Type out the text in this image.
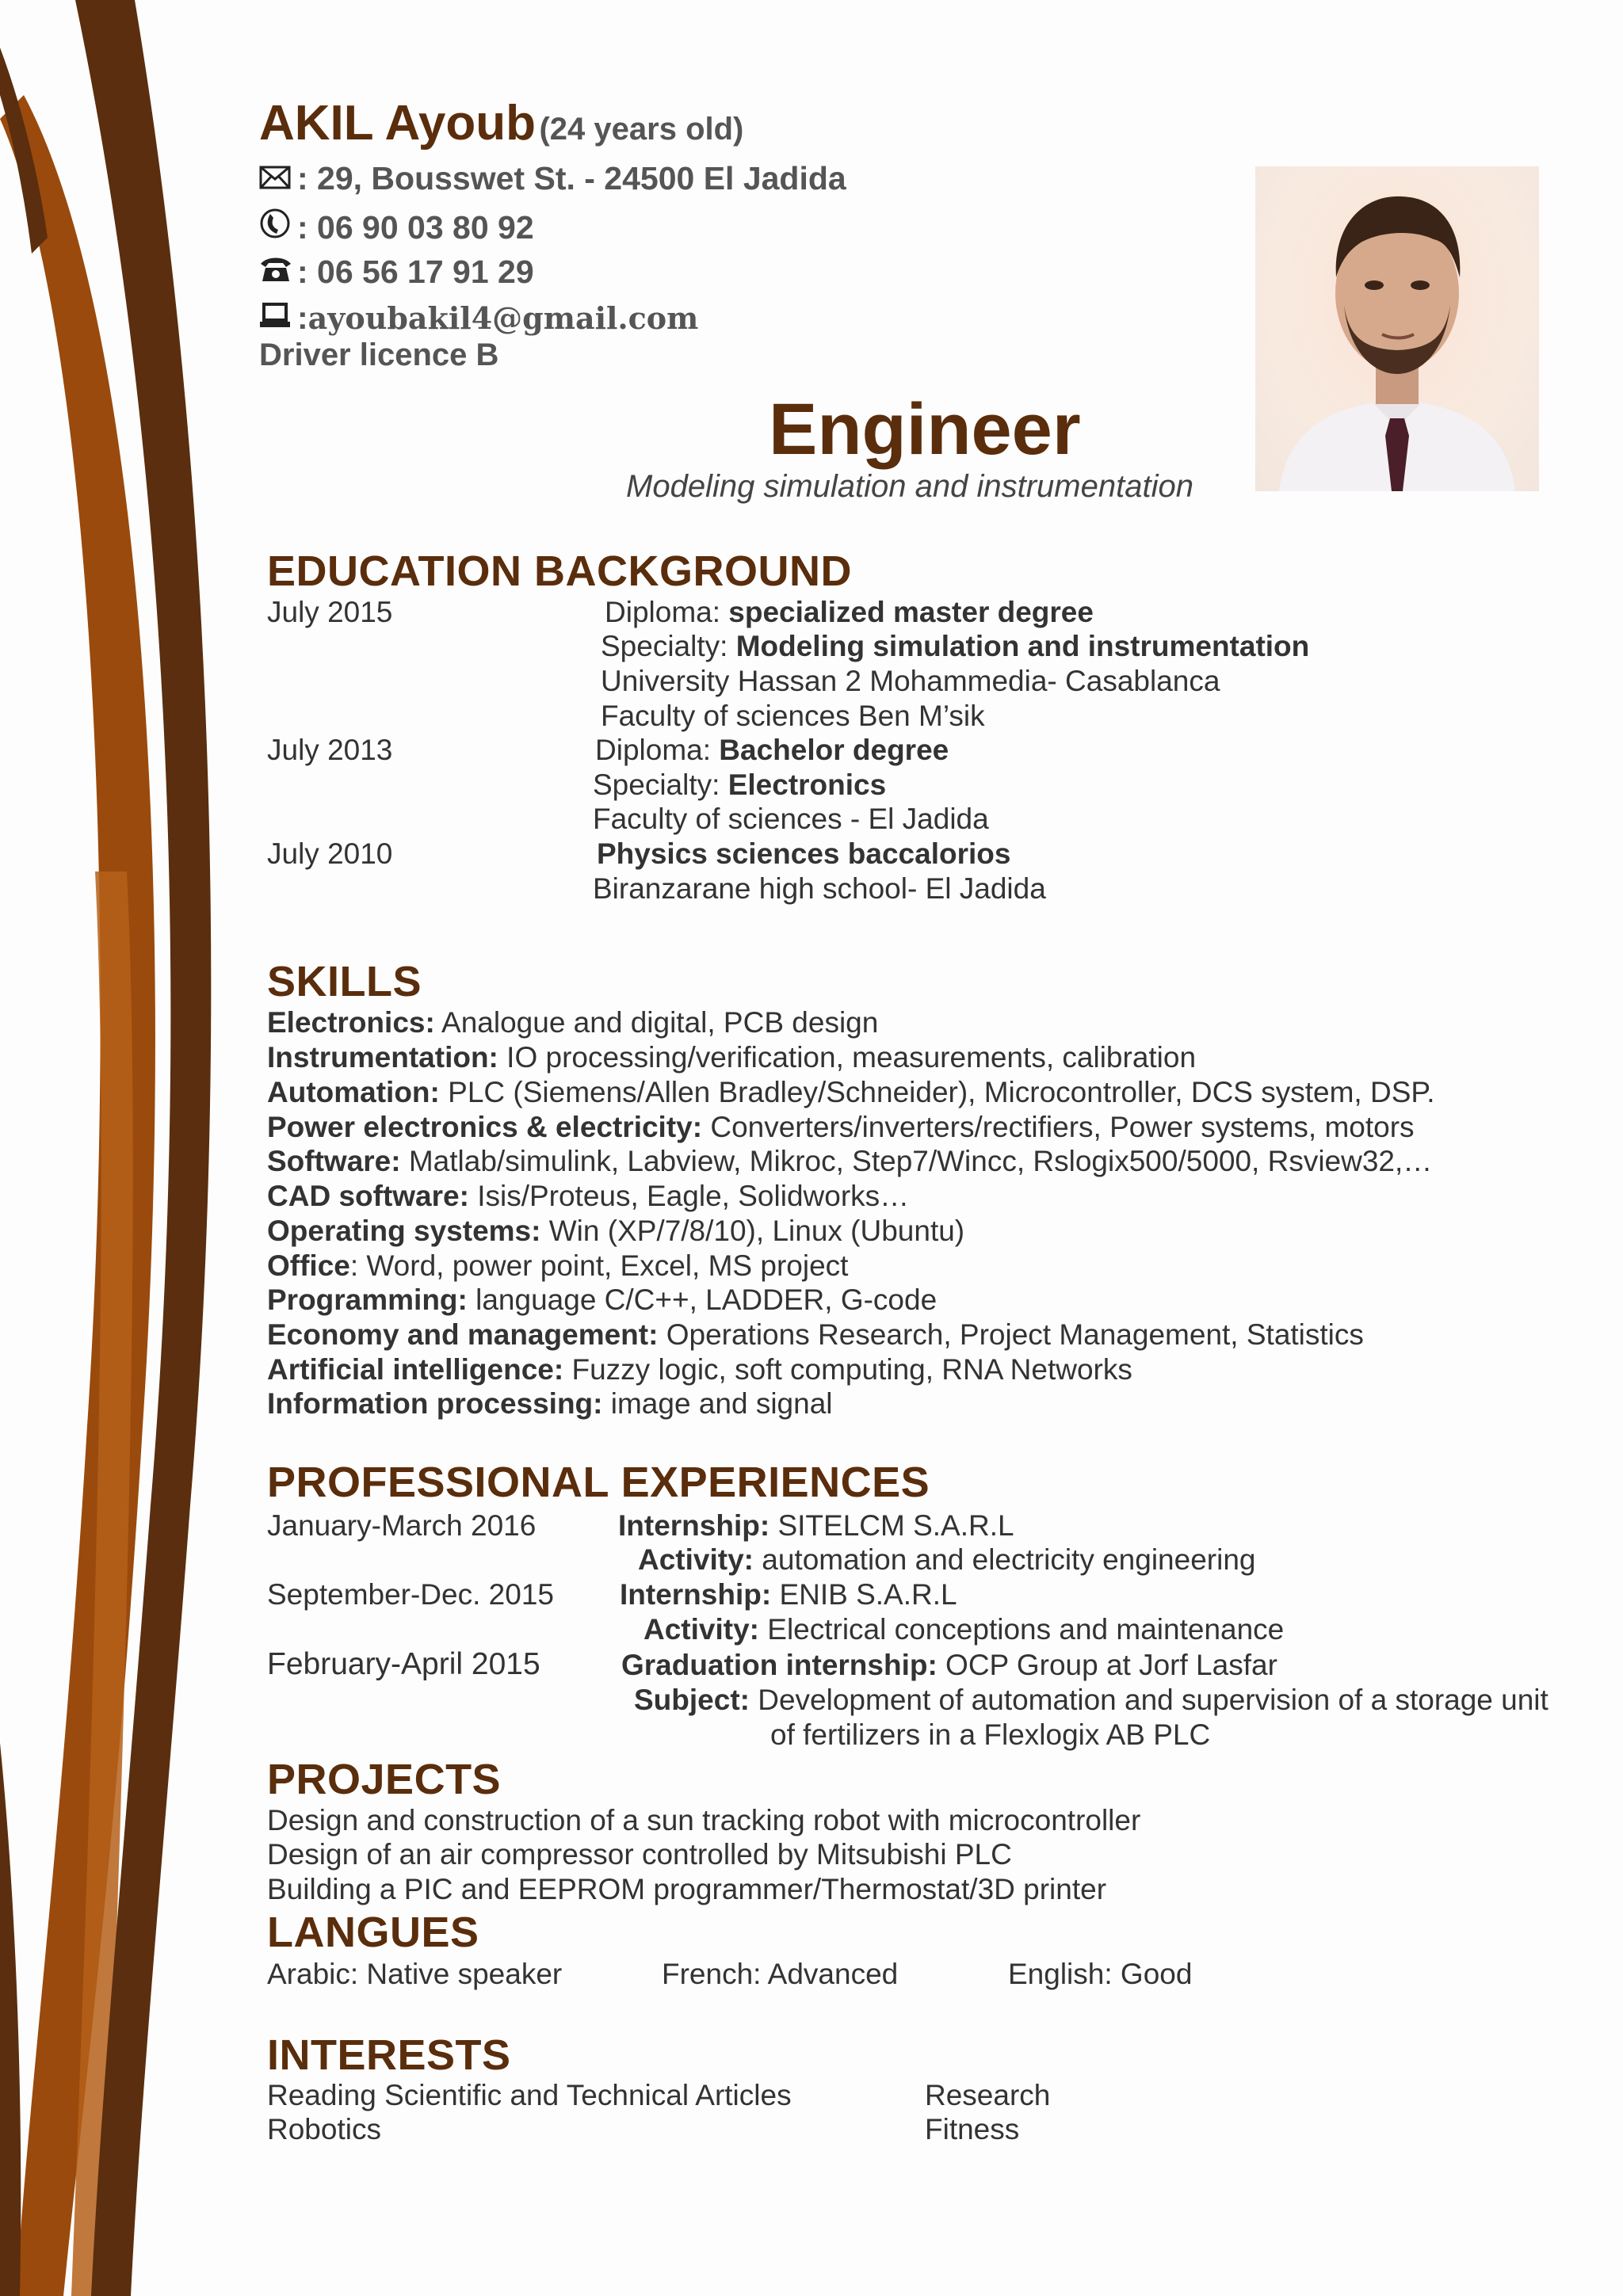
AKIL Ayoub (24 years old)
: 29, Bousswet St. - 24500 El Jadida
: 06 90 03 80 92
: 06 56 17 91 29
: ayoubakil4@gmail.com
Driver licence B
Engineer
Modeling simulation and instrumentation
EDUCATION BACKGROUND
July 2015	Diploma: specialized master degree
Specialty: Modeling simulation and instrumentation
University Hassan 2 Mohammedia- Casablanca
Faculty of sciences Ben M’sik
July 2013	Diploma: Bachelor degree
Specialty: Electronics
Faculty of sciences - El Jadida
July 2010	Physics sciences baccalorios
Biranzarane high school- El Jadida
SKILLS
Electronics: Analogue and digital, PCB design
Instrumentation: IO processing/verification, measurements, calibration
Automation: PLC (Siemens/Allen Bradley/Schneider), Microcontroller, DCS system, DSP.
Power electronics & electricity: Converters/inverters/rectifiers, Power systems, motors
Software: Matlab/simulink, Labview, Mikroc, Step7/Wincc, Rslogix500/5000, Rsview32,…
CAD software: Isis/Proteus, Eagle, Solidworks…
Operating systems: Win (XP/7/8/10), Linux (Ubuntu)
Office: Word, power point, Excel, MS project
Programming: language C/C++, LADDER, G-code
Economy and management: Operations Research, Project Management, Statistics
Artificial intelligence: Fuzzy logic, soft computing, RNA Networks
Information processing: image and signal
PROFESSIONAL EXPERIENCES
January-March 2016	Internship: SITELCM S.A.R.L
Activity: automation and electricity engineering
September-Dec. 2015 Internship: ENIB S.A.R.L
Activity: Electrical conceptions and maintenance
February-April 2015	Graduation internship: OCP Group at Jorf Lasfar
Subject: Development of automation and supervision of a storage unit
of fertilizers in a Flexlogix AB PLC
PROJECTS
Design and construction of a sun tracking robot with microcontroller
Design of an air compressor controlled by Mitsubishi PLC
Building a PIC and EEPROM programmer/Thermostat/3D printer
LANGUES
Arabic: Native speaker	French: Advanced	English: Good
INTERESTS
Reading Scientific and Technical Articles	Research
Robotics	Fitness
